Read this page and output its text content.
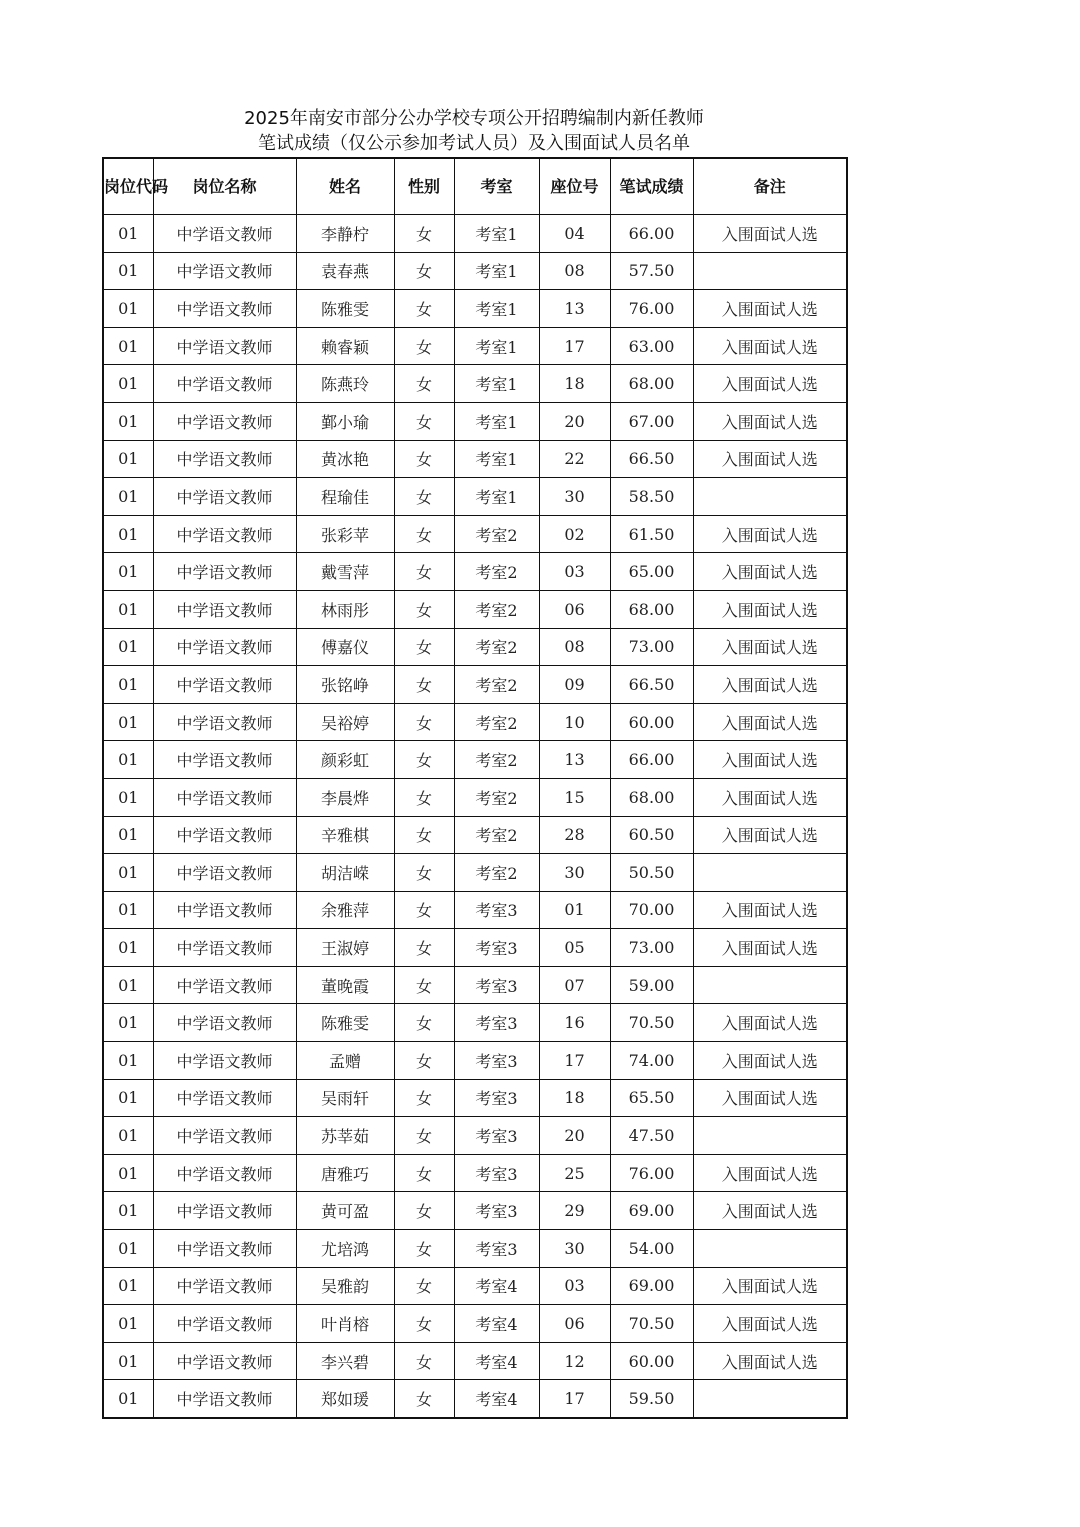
2025年南安市部分公办学校专项公开招聘编制内新任教师
笔试成绩（仅公示参加考试人员）及入围面试人员名单
岗位代码	岗位名称	姓名	性别	考室	座位号	笔试成绩	备注
01	中学语文教师	李静柠	女	考室1	04	66.00	入围面试人选
01	中学语文教师	袁春燕	女	考室1	08	57.50	
01	中学语文教师	陈雅雯	女	考室1	13	76.00	入围面试人选
01	中学语文教师	赖睿颖	女	考室1	17	63.00	入围面试人选
01	中学语文教师	陈燕玲	女	考室1	18	68.00	入围面试人选
01	中学语文教师	鄞小瑜	女	考室1	20	67.00	入围面试人选
01	中学语文教师	黄冰艳	女	考室1	22	66.50	入围面试人选
01	中学语文教师	程瑜佳	女	考室1	30	58.50	
01	中学语文教师	张彩苹	女	考室2	02	61.50	入围面试人选
01	中学语文教师	戴雪萍	女	考室2	03	65.00	入围面试人选
01	中学语文教师	林雨彤	女	考室2	06	68.00	入围面试人选
01	中学语文教师	傅嘉仪	女	考室2	08	73.00	入围面试人选
01	中学语文教师	张铭峥	女	考室2	09	66.50	入围面试人选
01	中学语文教师	吴裕婷	女	考室2	10	60.00	入围面试人选
01	中学语文教师	颜彩虹	女	考室2	13	66.00	入围面试人选
01	中学语文教师	李晨烨	女	考室2	15	68.00	入围面试人选
01	中学语文教师	辛雅棋	女	考室2	28	60.50	入围面试人选
01	中学语文教师	胡洁嵘	女	考室2	30	50.50	
01	中学语文教师	余雅萍	女	考室3	01	70.00	入围面试人选
01	中学语文教师	王淑婷	女	考室3	05	73.00	入围面试人选
01	中学语文教师	董晚霞	女	考室3	07	59.00	
01	中学语文教师	陈雅雯	女	考室3	16	70.50	入围面试人选
01	中学语文教师	孟赠	女	考室3	17	74.00	入围面试人选
01	中学语文教师	吴雨轩	女	考室3	18	65.50	入围面试人选
01	中学语文教师	苏莘茹	女	考室3	20	47.50	
01	中学语文教师	唐雅巧	女	考室3	25	76.00	入围面试人选
01	中学语文教师	黄可盈	女	考室3	29	69.00	入围面试人选
01	中学语文教师	尤培鸿	女	考室3	30	54.00	
01	中学语文教师	吴雅韵	女	考室4	03	69.00	入围面试人选
01	中学语文教师	叶肖榕	女	考室4	06	70.50	入围面试人选
01	中学语文教师	李兴碧	女	考室4	12	60.00	入围面试人选
01	中学语文教师	郑如瑗	女	考室4	17	59.50	
